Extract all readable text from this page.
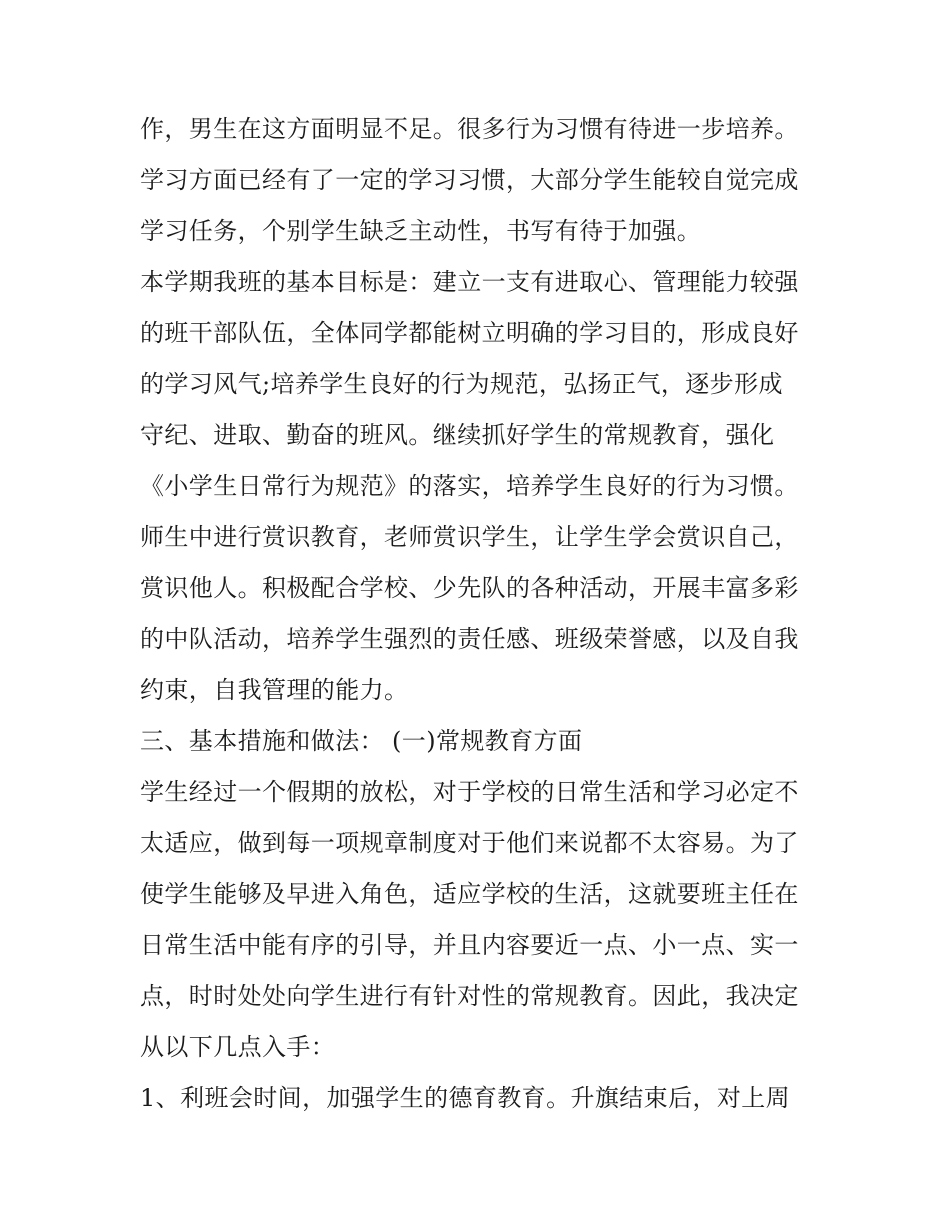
作，男生在这方面明显不足。很多行为习惯有待进一步培养。
学习方面已经有了一定的学习习惯，大部分学生能较自觉完成
学习任务，个别学生缺乏主动性，书写有待于加强。
本学期我班的基本目标是：建立一支有进取心、管理能力较强
的班干部队伍，全体同学都能树立明确的学习目的，形成良好
的学习风气;培养学生良好的行为规范，弘扬正气，逐步形成
守纪、进取、勤奋的班风。继续抓好学生的常规教育，强化
《小学生日常行为规范》的落实，培养学生良好的行为习惯。
师生中进行赏识教育，老师赏识学生，让学生学会赏识自己，
赏识他人。积极配合学校、少先队的各种活动，开展丰富多彩
的中队活动，培养学生强烈的责任感、班级荣誉感，以及自我
约束，自我管理的能力。
三、基本措施和做法： (一)常规教育方面
学生经过一个假期的放松，对于学校的日常生活和学习必定不
太适应，做到每一项规章制度对于他们来说都不太容易。为了
使学生能够及早进入角色，适应学校的生活，这就要班主任在
日常生活中能有序的引导，并且内容要近一点、小一点、实一
点，时时处处向学生进行有针对性的常规教育。因此，我决定
从以下几点入手：
1、利班会时间，加强学生的德育教育。升旗结束后，对上周
